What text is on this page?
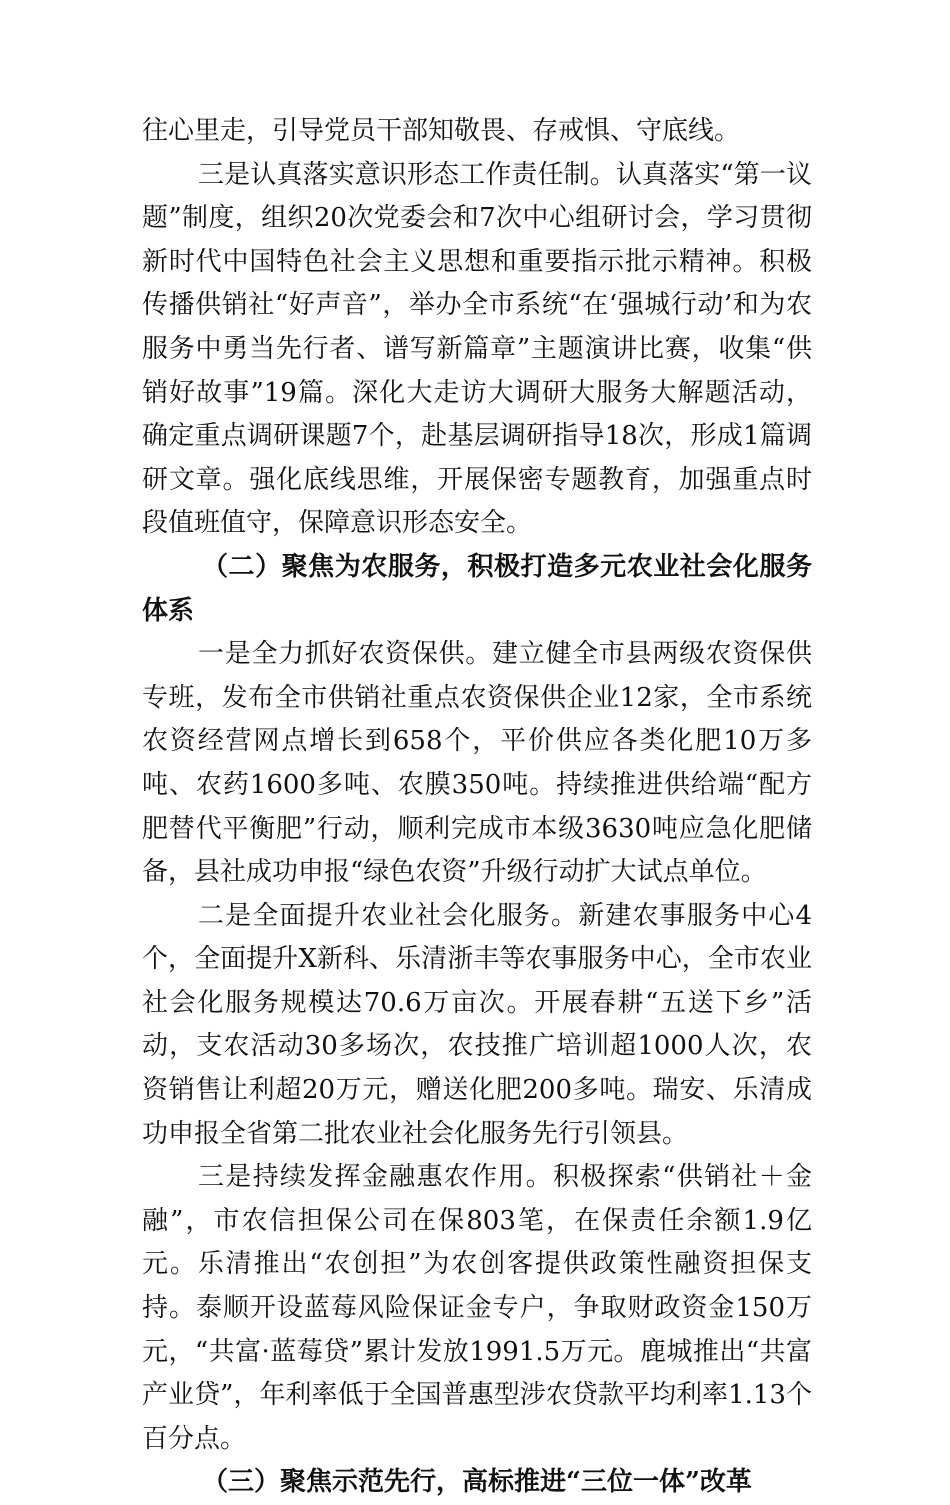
往心里走，引导党员干部知敬畏、存戒惧、守底线。

三是认真落实意识形态工作责任制。认真落实“第一议题”制度，组织20次党委会和7次中心组研讨会，学习贯彻新时代中国特色社会主义思想和重要指示批示精神。积极传播供销社“好声音”，举办全市系统“在‘强城行动’和为农服务中勇当先行者、谱写新篇章”主题演讲比赛，收集“供销好故事”19篇。深化大走访大调研大服务大解题活动，确定重点调研课题7个，赴基层调研指导18次，形成1篇调研文章。强化底线思维，开展保密专题教育，加强重点时段值班值守，保障意识形态安全。

（二）聚焦为农服务，积极打造多元农业社会化服务体系

一是全力抓好农资保供。建立健全市县两级农资保供专班，发布全市供销社重点农资保供企业12家，全市系统农资经营网点增长到658个，平价供应各类化肥10万多吨、农药1600多吨、农膜350吨。持续推进供给端“配方肥替代平衡肥”行动，顺利完成市本级3630吨应急化肥储备，县社成功申报“绿色农资”升级行动扩大试点单位。

二是全面提升农业社会化服务。新建农事服务中心4个，全面提升X新科、乐清浙丰等农事服务中心，全市农业社会化服务规模达70.6万亩次。开展春耕“五送下乡”活动，支农活动30多场次，农技推广培训超1000人次，农资销售让利超20万元，赠送化肥200多吨。瑞安、乐清成功申报全省第二批农业社会化服务先行引领县。

三是持续发挥金融惠农作用。积极探索“供销社＋金融”，市农信担保公司在保803笔，在保责任余额1.9亿元。乐清推出“农创担”为农创客提供政策性融资担保支持。泰顺开设蓝莓风险保证金专户，争取财政资金150万元，“共富·蓝莓贷”累计发放1991.5万元。鹿城推出“共富产业贷”，年利率低于全国普惠型涉农贷款平均利率1.13个百分点。

（三）聚焦示范先行，高标推进“三位一体”改革
